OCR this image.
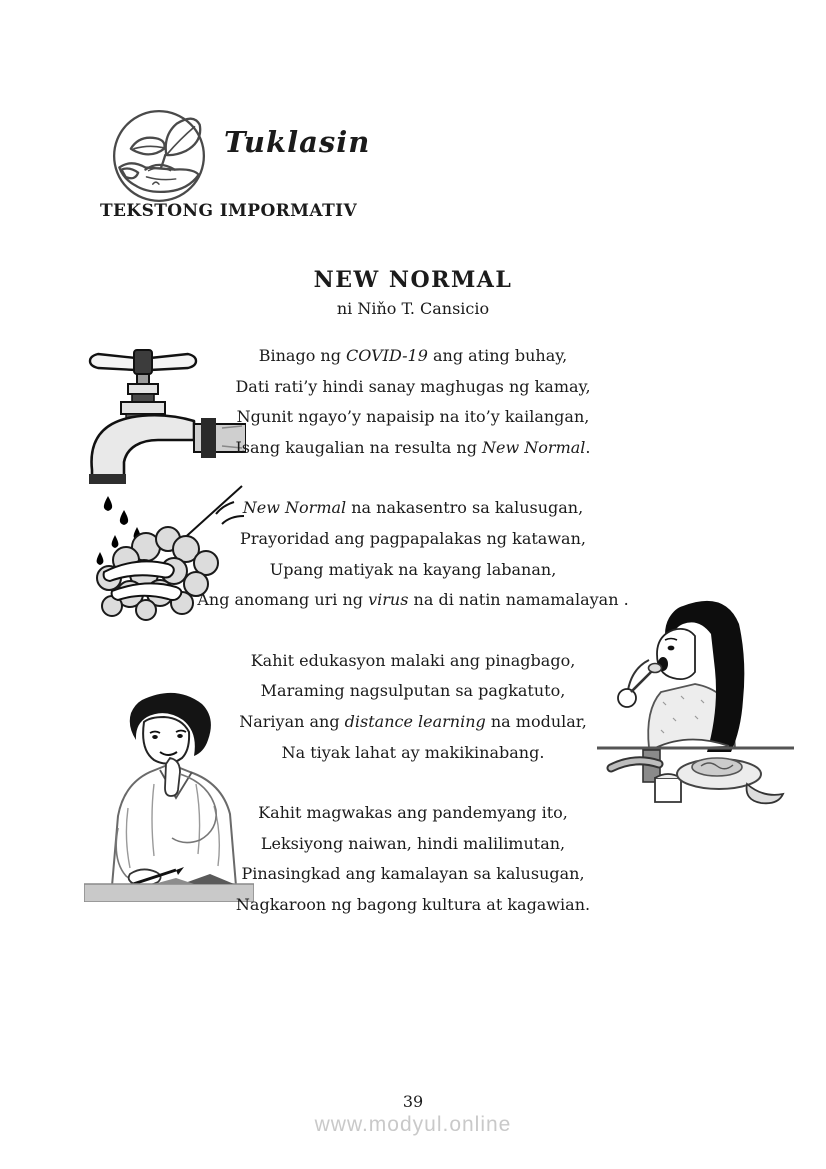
Tuklasin
TEKSTONG IMPORMATIV
NEW NORMAL
ni Niňo T. Cansicio
Binago ng COVID-19 ang ating buhay,
Dati rati’y hindi sanay maghugas ng kamay,
Ngunit ngayo’y napaisip na ito’y kailangan,
Isang kaugalian na resulta ng New Normal.
New Normal na nakasentro sa kalusugan,
Prayoridad ang pagpapalakas ng katawan,
Upang matiyak na kayang labanan,
Ang anomang uri ng virus na di natin namamalayan .
Kahit edukasyon malaki ang pinagbago,
Maraming nagsulputan sa pagkatuto,
Nariyan ang distance learning na modular,
Na tiyak lahat ay makikinabang.
Kahit magwakas ang pandemyang ito,
Leksiyong naiwan, hindi malilimutan,
Pinasingkad ang kamalayan sa kalusugan,
Nagkaroon ng bagong kultura at kagawian.
39
www.modyul.online
